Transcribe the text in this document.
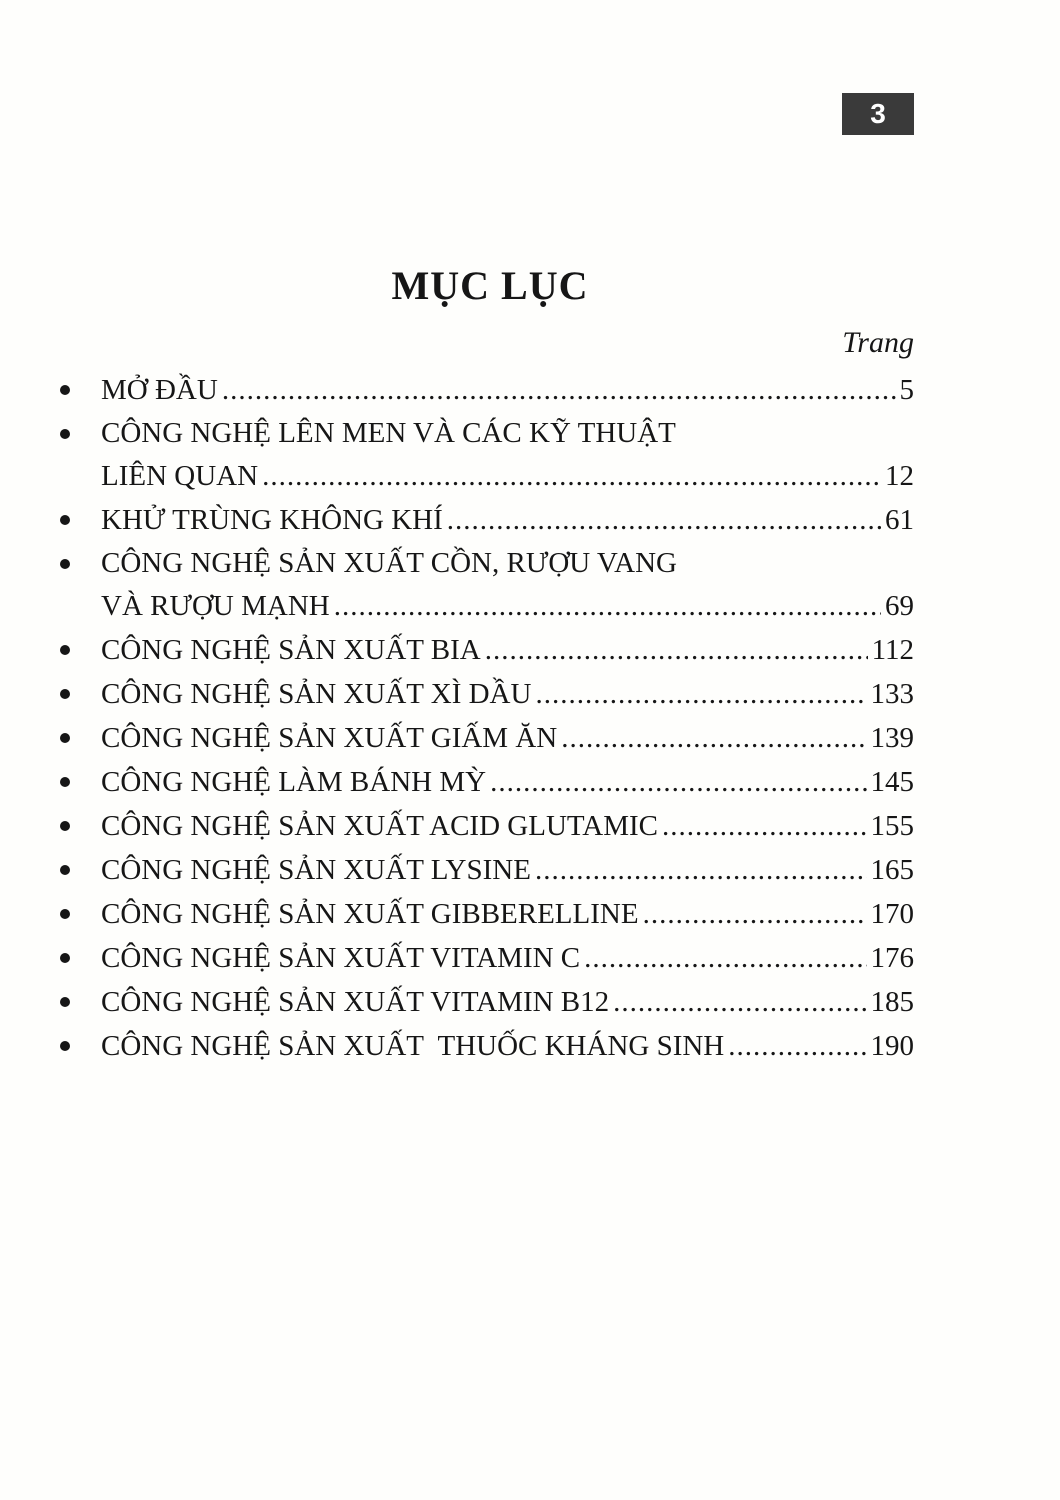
3
MỤC LỤC
Trang
MỞ ĐẦU .....	5
CÔNG NGHỆ LÊN MEN VÀ CÁC KỸ THUẬT
LIÊN QUAN .....	12
KHỬ TRÙNG KHÔNG KHÍ .....	61
CÔNG NGHỆ SẢN XUẤT CỒN, RƯỢU VANG
VÀ RƯỢU MẠNH .....	69
CÔNG NGHỆ SẢN XUẤT BIA .....	112
CÔNG NGHỆ SẢN XUẤT XÌ DẦU .....	133
CÔNG NGHỆ SẢN XUẤT GIẤM ĂN .....	139
CÔNG NGHỆ LÀM BÁNH MỲ .....	145
CÔNG NGHỆ SẢN XUẤT ACID GLUTAMIC .....	155
CÔNG NGHỆ SẢN XUẤT LYSINE .....	165
CÔNG NGHỆ SẢN XUẤT GIBBERELLINE .....	170
CÔNG NGHỆ SẢN XUẤT VITAMIN C .....	176
CÔNG NGHỆ SẢN XUẤT VITAMIN B12 .....	185
CÔNG NGHỆ SẢN XUẤT  THUỐC KHÁNG SINH .....	190
